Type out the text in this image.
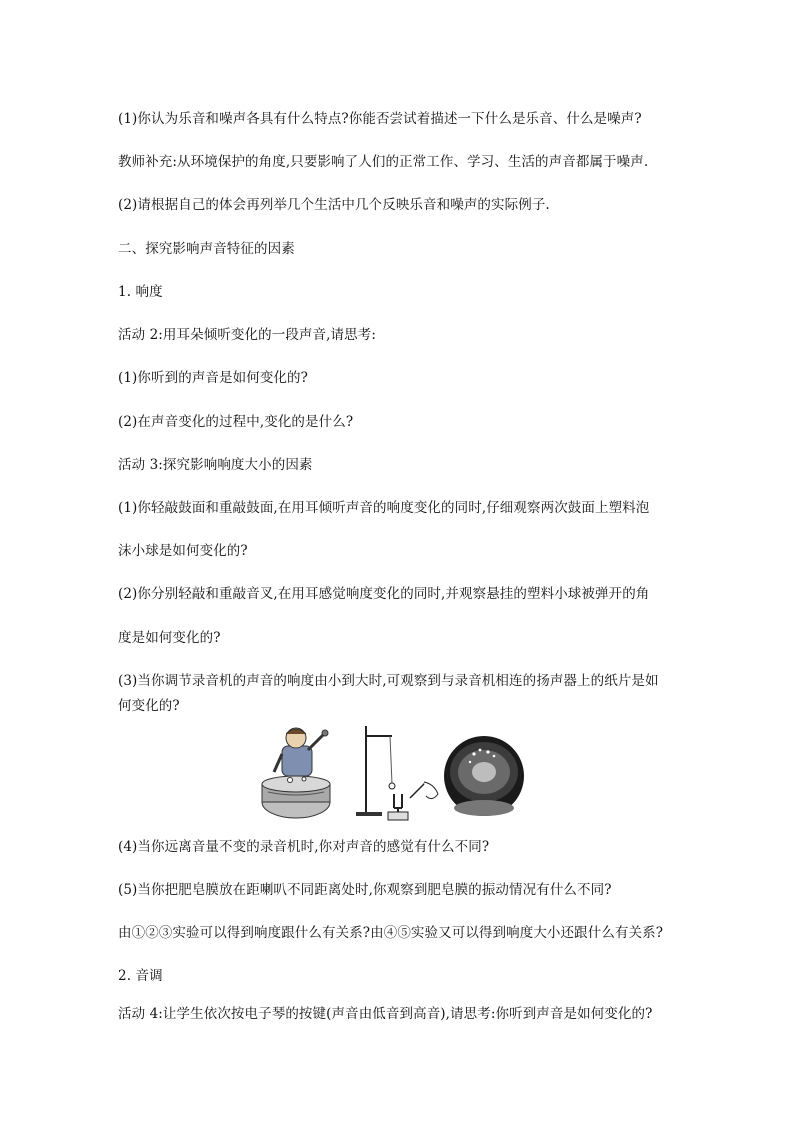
(1)你认为乐音和噪声各具有什么特点?你能否尝试着描述一下什么是乐音、什么是噪声?
教师补充:从环境保护的角度,只要影响了人们的正常工作、学习、生活的声音都属于噪声.
(2)请根据自己的体会再列举几个生活中几个反映乐音和噪声的实际例子.
二、探究影响声音特征的因素
1. 响度
活动 2:用耳朵倾听变化的一段声音,请思考:
(1)你听到的声音是如何变化的?
(2)在声音变化的过程中,变化的是什么?
活动 3:探究影响响度大小的因素
(1)你轻敲鼓面和重敲鼓面,在用耳倾听声音的响度变化的同时,仔细观察两次鼓面上塑料泡
沫小球是如何变化的?
(2)你分别轻敲和重敲音叉,在用耳感觉响度变化的同时,并观察悬挂的塑料小球被弹开的角
度是如何变化的?
(3)当你调节录音机的声音的响度由小到大时,可观察到与录音机相连的扬声器上的纸片是如
何变化的?
(4)当你远离音量不变的录音机时,你对声音的感觉有什么不同?
(5)当你把肥皂膜放在距喇叭不同距离处时,你观察到肥皂膜的振动情况有什么不同?
由①②③实验可以得到响度跟什么有关系?由④⑤实验又可以得到响度大小还跟什么有关系?
2. 音调
活动 4:让学生依次按电子琴的按键(声音由低音到高音),请思考:你听到声音是如何变化的?
